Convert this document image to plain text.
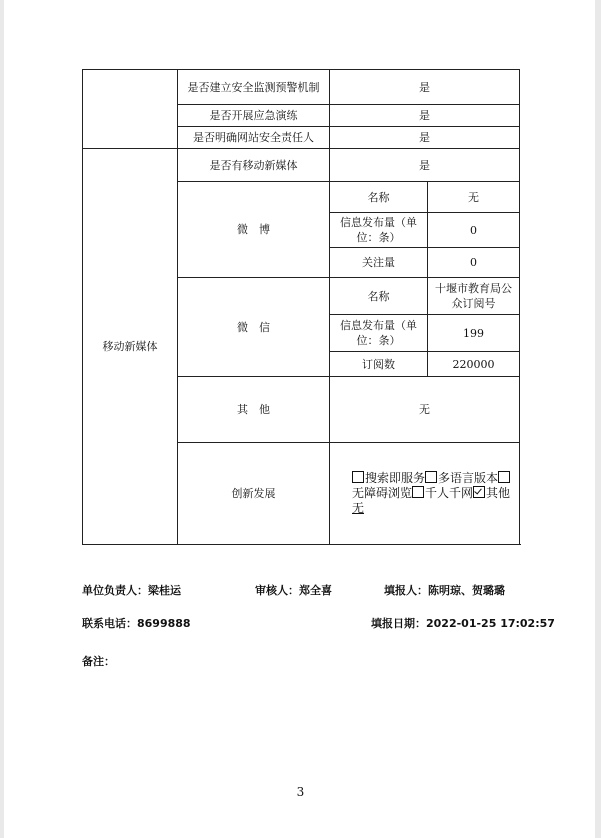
	是否建立安全监测预警机制	是	
	是否开展应急演练	是	
	是否明确网站安全责任人	是	
移动新媒体	是否有移动新媒体	是	
	微　博	名称	无
		信息发布量（单位：条）	0
		关注量	0
	微　信	名称	十堰市教育局公众订阅号
		信息发布量（单位：条）	199
		订阅数	220000
	其　他	无	
	创新发展	搜索即服务 多语言版本无障碍浏览 千人千网 其他
无	
单位负责人：梁桂运	审核人：郑全喜	填报人：陈明琼、贺璐璐
联系电话：8699888	填报日期：2022-01-25 17:02:57
备注：
3
